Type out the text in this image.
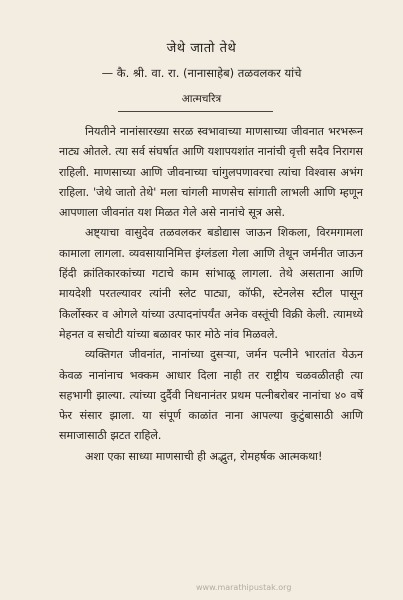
जेथे जातो तेथे
— कै. श्री. वा. रा. (नानासाहेब) तळवलकर यांचे
आत्मचरित्र

नियतीने नानांसारख्या सरळ स्वभावाच्या माणसाच्या जीवनात भरभरून नाट्य ओतले. त्या सर्व संघर्षात आणि यशापयशांत नानांची वृत्ती सदैव निरागस राहिली. माणसाच्या आणि जीवनाच्या चांगुलपणावरचा त्यांचा विश्वास अभंग राहिला. 'जेथे जातो तेथे' मला चांगली माणसेच सांगाती लाभली आणि म्हणून आपणाला जीवनांत यश मिळत गेले असे नानांचे सूत्र असे.

अष्ट्याचा वासुदेव तळवलकर बडोद्यास जाऊन शिकला, विरमगामला कामाला लागला. व्यवसायानिमित्त इंग्लंडला गेला आणि तेथून जर्मनीत जाऊन हिंदी क्रांतिकारकांच्या गटाचे काम सांभाळू लागला. तेथे असताना आणि मायदेशी परतल्यावर त्यांनी स्लेट पाट्या, कॉफी, स्टेनलेस स्टील पासून किर्लोस्कर व ओगले यांच्या उत्पादनांपर्यंत अनेक वस्तूंची विक्री केली. त्यामध्ये मेहनत व सचोटी यांच्या बळावर फार मोठे नांव मिळवले.

व्यक्तिगत जीवनांत, नानांच्या दुसऱ्या, जर्मन पत्नीने भारतांत येऊन केवळ नानांनाच भक्कम आधार दिला नाही तर राष्ट्रीय चळवळीतही त्या सहभागी झाल्या. त्यांच्या दुर्दैवी निधनानंतर प्रथम पत्नीबरोबर नानांचा ४० वर्षे फेर संसार झाला. या संपूर्ण काळांत नाना आपल्या कुटुंबासाठी आणि समाजासाठी झटत राहिले.

अशा एका साध्या माणसाची ही अद्भुत, रोमहर्षक आत्मकथा!

www.marathipustak.org
